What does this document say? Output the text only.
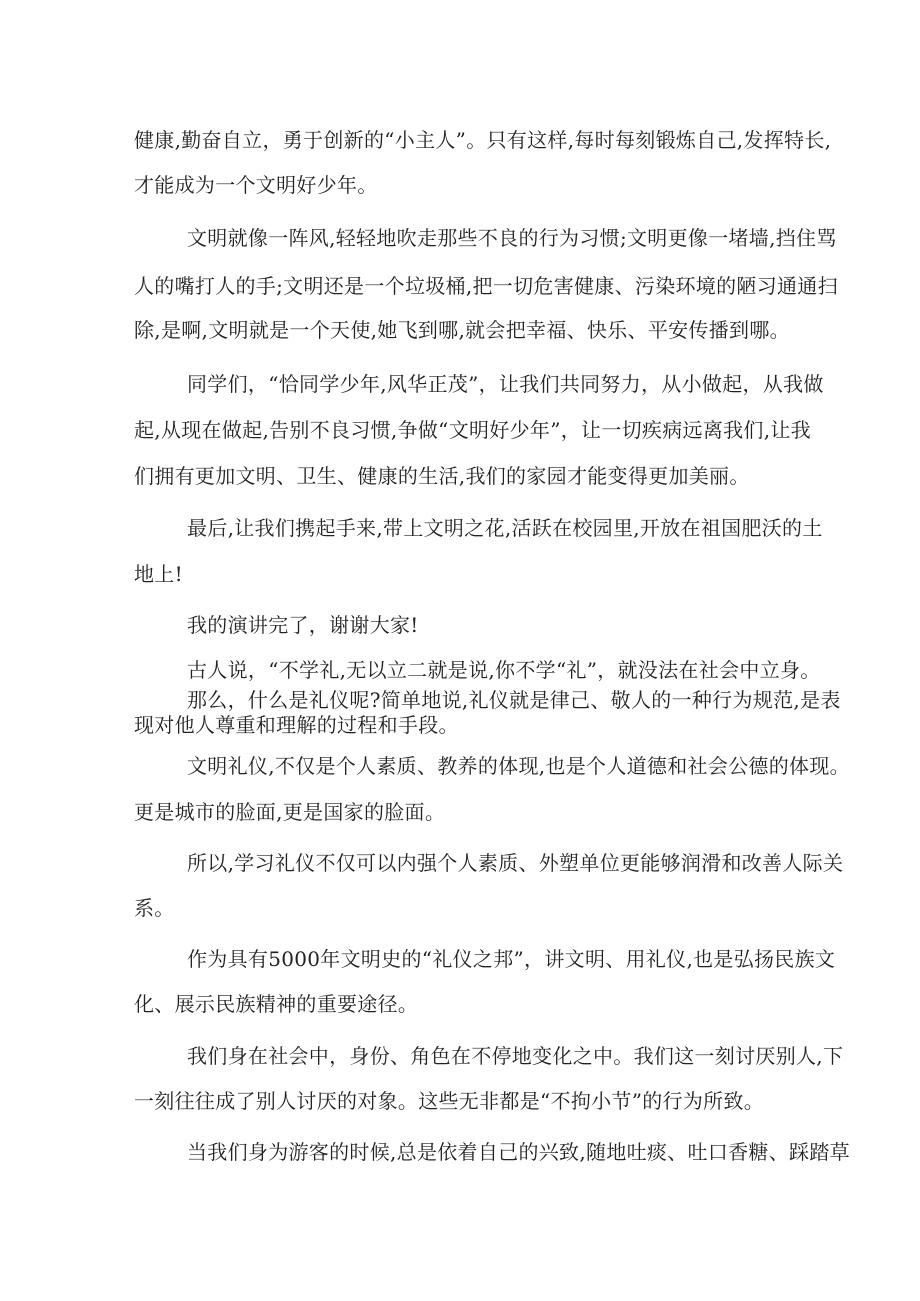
健康,勤奋自立，勇于创新的“小主人”。只有这样,每时每刻锻炼自己,发挥特长,
才能成为一个文明好少年。
文明就像一阵风,轻轻地吹走那些不良的行为习惯;文明更像一堵墙,挡住骂
人的嘴打人的手;文明还是一个垃圾桶,把一切危害健康、污染环境的陋习通通扫
除,是啊,文明就是一个天使,她飞到哪,就会把幸福、快乐、平安传播到哪。
同学们，“恰同学少年,风华正茂”，让我们共同努力，从小做起，从我做
起,从现在做起,告别不良习惯,争做“文明好少年”，让一切疾病远离我们,让我
们拥有更加文明、卫生、健康的生活,我们的家园才能变得更加美丽。
最后,让我们携起手来,带上文明之花,活跃在校园里,开放在祖国肥沃的土
地上!
我的演讲完了，谢谢大家!
古人说，“不学礼,无以立二就是说,你不学“礼”，就没法在社会中立身。
那么，什么是礼仪呢?简单地说,礼仪就是律己、敬人的一种行为规范,是表
现对他人尊重和理解的过程和手段。
文明礼仪,不仅是个人素质、教养的体现,也是个人道德和社会公德的体现。
更是城市的脸面,更是国家的脸面。
所以,学习礼仪不仅可以内强个人素质、外塑单位更能够润滑和改善人际关
系。
作为具有5000年文明史的“礼仪之邦”，讲文明、用礼仪,也是弘扬民族文
化、展示民族精神的重要途径。
我们身在社会中，身份、角色在不停地变化之中。我们这一刻讨厌别人,下
一刻往往成了别人讨厌的对象。这些无非都是“不拘小节”的行为所致。
当我们身为游客的时候,总是依着自己的兴致,随地吐痰、吐口香糖、踩踏草
